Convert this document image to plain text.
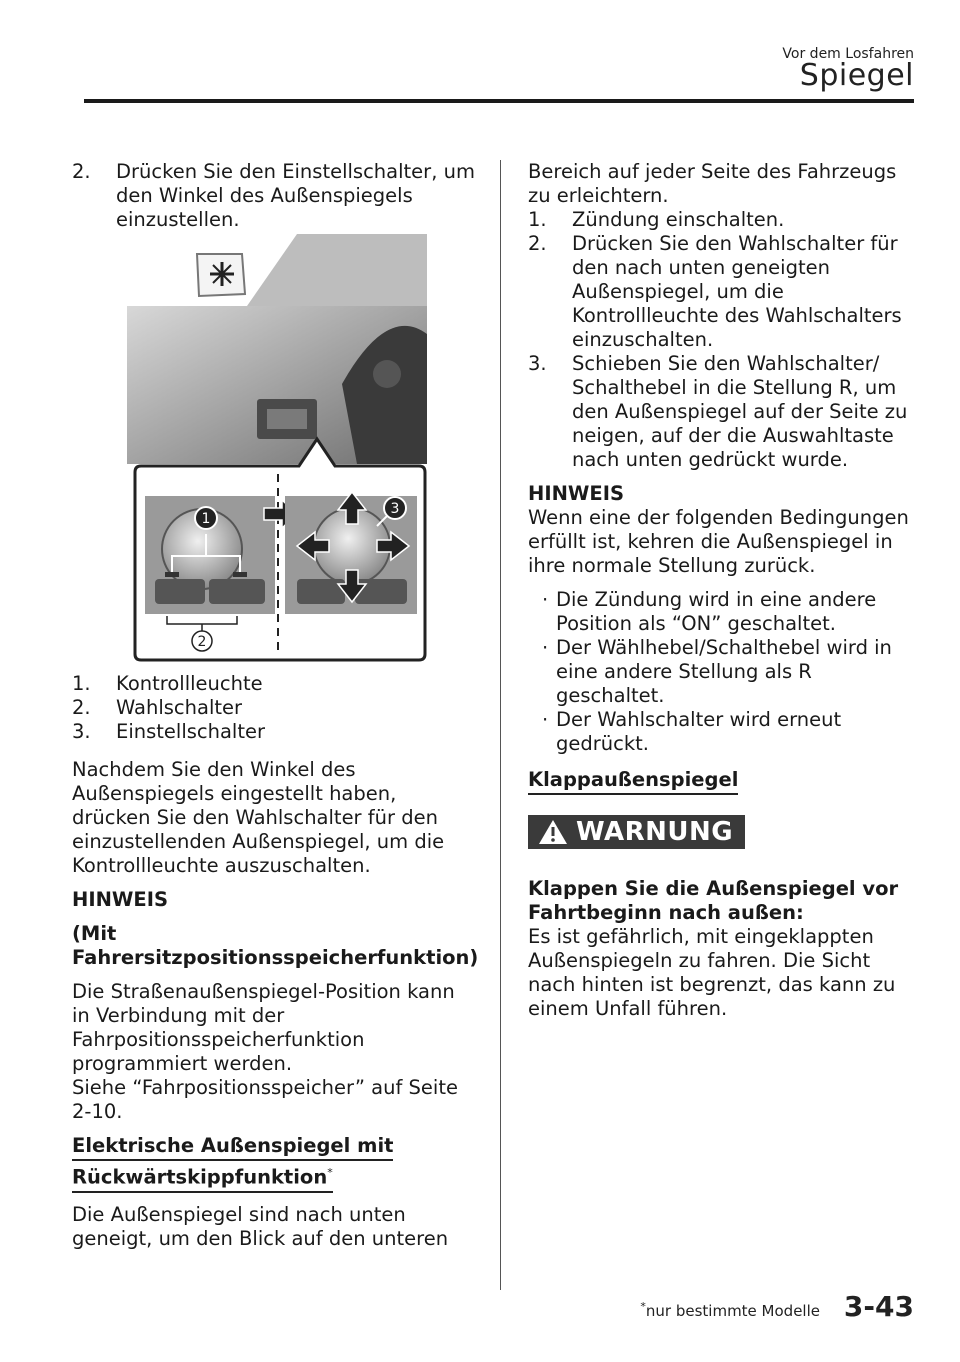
Vor dem Losfahren
Spiegel
2.	Drücken Sie den Einstellschalter, um den Winkel des Außenspiegels einzustellen.
1
2
3
1.	Kontrollleuchte
2.	Wahlschalter
3.	Einstellschalter

Nachdem Sie den Winkel des Außenspiegels eingestellt haben, drücken Sie den Wahlschalter für den einzustellenden Außenspiegel, um die Kontrollleuchte auszuschalten.

HINWEIS

(Mit Fahrersitzpositionsspeicherfunktion)

Die Straßenaußenspiegel-Position kann in Verbindung mit der Fahrpositionsspeicherfunktion programmiert werden.

Siehe “Fahrpositionsspeicher” auf Seite 2-10.

Elektrische Außenspiegel mit
Rückwärtskippfunktion*

Die Außenspiegel sind nach unten geneigt, um den Blick auf den unteren

Bereich auf jeder Seite des Fahrzeugs zu erleichtern.

1.	Zündung einschalten.
2.	Drücken Sie den Wahlschalter für den nach unten geneigten Außenspiegel, um die Kontrollleuchte des Wahlschalters einzuschalten.
3.	Schieben Sie den Wahlschalter/ Schalthebel in die Stellung R, um den Außenspiegel auf der Seite zu neigen, auf der die Auswahltaste nach unten gedrückt wurde.

HINWEIS

Wenn eine der folgenden Bedingungen erfüllt ist, kehren die Außenspiegel in ihre normale Stellung zurück.

· Die Zündung wird in eine andere Position als “ON” geschaltet.
· Der Wählhebel/Schalthebel wird in eine andere Stellung als R geschaltet.
· Der Wahlschalter wird erneut gedrückt.
Klappaußenspiegel
WARNUNG

Klappen Sie die Außenspiegel vor Fahrtbeginn nach außen:

Es ist gefährlich, mit eingeklappten Außenspiegeln zu fahren. Die Sicht nach hinten ist begrenzt, das kann zu einem Unfall führen.

*nur bestimmte Modelle 3-43
